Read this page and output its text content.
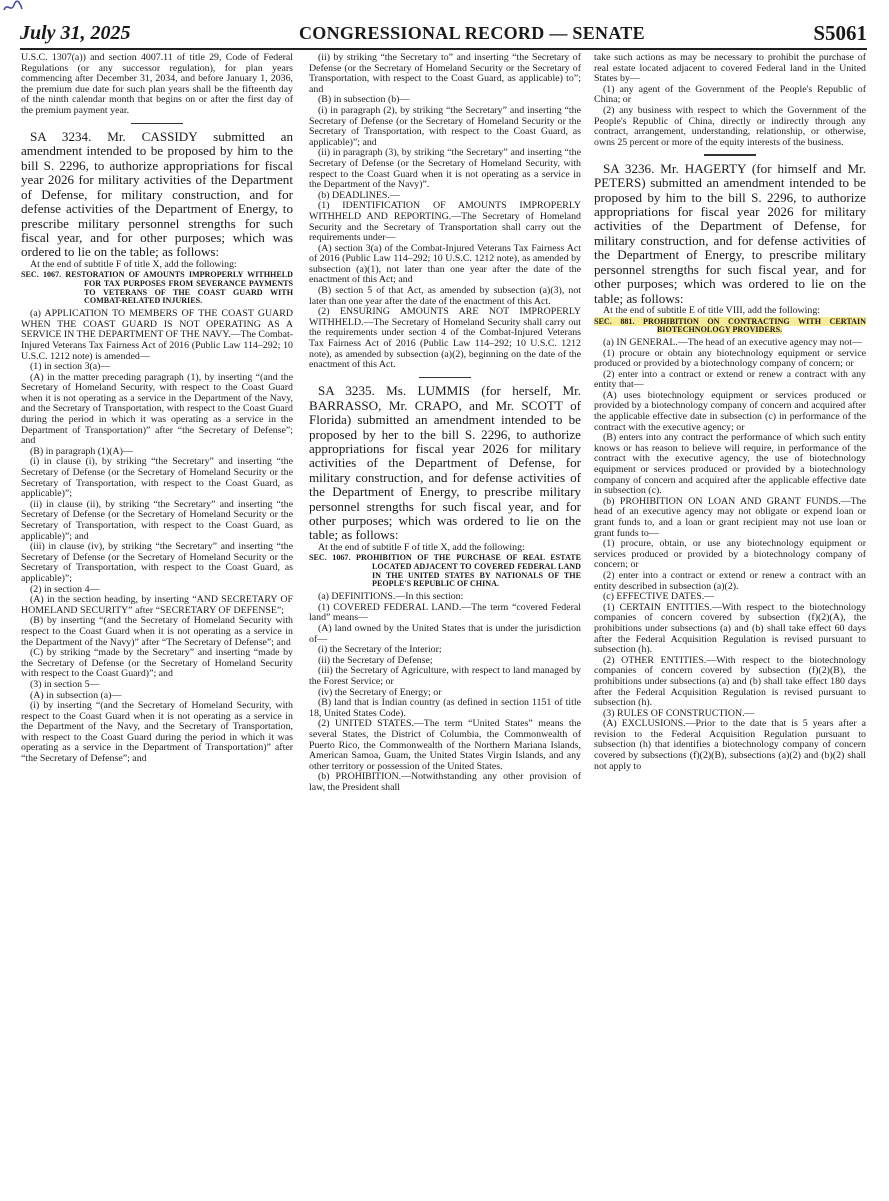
July 31, 2025	CONGRESSIONAL RECORD — SENATE	S5061

U.S.C. 1307(a)) and section 4007.11 of title 29, Code of Federal Regulations (or any successor regulation), for plan years commencing after December 31, 2034, and before January 1, 2036, the premium due date for such plan years shall be the fifteenth day of the ninth calendar month that begins on or after the first day of the premium payment year.

SA 3234. Mr. CASSIDY submitted an amendment intended to be proposed by him to the bill S. 2296, to authorize appropriations for fiscal year 2026 for military activities of the Department of Defense, for military construction, and for defense activities of the Department of Energy, to prescribe military personnel strengths for such fiscal year, and for other purposes; which was ordered to lie on the table; as follows:

At the end of subtitle F of title X, add the following:

SEC. 1067. RESTORATION OF AMOUNTS IMPROPERLY WITHHELD FOR TAX PURPOSES FROM SEVERANCE PAYMENTS TO VETERANS OF THE COAST GUARD WITH COMBAT-RELATED INJURIES.

(a) APPLICATION TO MEMBERS OF THE COAST GUARD WHEN THE COAST GUARD IS NOT OPERATING AS A SERVICE IN THE DEPARTMENT OF THE NAVY.—The Combat-Injured Veterans Tax Fairness Act of 2016 (Public Law 114–292; 10 U.S.C. 1212 note) is amended—

(1) in section 3(a)—

(A) in the matter preceding paragraph (1), by inserting “(and the Secretary of Homeland Security, with respect to the Coast Guard when it is not operating as a service in the Department of the Navy, and the Secretary of Transportation, with respect to the Coast Guard during the period in which it was operating as a service in the Department of Transportation)” after “the Secretary of Defense”; and

(B) in paragraph (1)(A)—

(i) in clause (i), by striking “the Secretary” and inserting “the Secretary of Defense (or the Secretary of Homeland Security or the Secretary of Transportation, with respect to the Coast Guard, as applicable)”;

(ii) in clause (ii), by striking “the Secretary” and inserting “the Secretary of Defense (or the Secretary of Homeland Security or the Secretary of Transportation, with respect to the Coast Guard, as applicable)”; and

(iii) in clause (iv), by striking “the Secretary” and inserting “the Secretary of Defense (or the Secretary of Homeland Security or the Secretary of Transportation, with respect to the Coast Guard, as applicable)”;

(2) in section 4—

(A) in the section heading, by inserting “AND SECRETARY OF HOMELAND SECURITY” after “SECRETARY OF DEFENSE”;

(B) by inserting “(and the Secretary of Homeland Security with respect to the Coast Guard when it is not operating as a service in the Department of the Navy)” after “The Secretary of Defense”; and

(C) by striking “made by the Secretary” and inserting “made by the Secretary of Defense (or the Secretary of Homeland Security with respect to the Coast Guard)”; and

(3) in section 5—

(A) in subsection (a)—

(i) by inserting “(and the Secretary of Homeland Security, with respect to the Coast Guard when it is not operating as a service in the Department of the Navy, and the Secretary of Transportation, with respect to the Coast Guard during the period in which it was operating as a service in the Department of Transportation)” after “the Secretary of Defense”; and

(ii) by striking “the Secretary to” and inserting “the Secretary of Defense (or the Secretary of Homeland Security or the Secretary of Transportation, with respect to the Coast Guard, as applicable) to”; and

(B) in subsection (b)—

(i) in paragraph (2), by striking “the Secretary” and inserting “the Secretary of Defense (or the Secretary of Homeland Security or the Secretary of Transportation, with respect to the Coast Guard, as applicable)”; and

(ii) in paragraph (3), by striking “the Secretary” and inserting “the Secretary of Defense (or the Secretary of Homeland Security, with respect to the Coast Guard when it is not operating as a service in the Department of the Navy)”.

(b) DEADLINES.—

(1) IDENTIFICATION OF AMOUNTS IMPROPERLY WITHHELD AND REPORTING.—The Secretary of Homeland Security and the Secretary of Transportation shall carry out the requirements under—

(A) section 3(a) of the Combat-Injured Veterans Tax Fairness Act of 2016 (Public Law 114–292; 10 U.S.C. 1212 note), as amended by subsection (a)(1), not later than one year after the date of the enactment of this Act; and

(B) section 5 of that Act, as amended by subsection (a)(3), not later than one year after the date of the enactment of this Act.

(2) ENSURING AMOUNTS ARE NOT IMPROPERLY WITHHELD.—The Secretary of Homeland Security shall carry out the requirements under section 4 of the Combat-Injured Veterans Tax Fairness Act of 2016 (Public Law 114–292; 10 U.S.C. 1212 note), as amended by subsection (a)(2), beginning on the date of the enactment of this Act.

SA 3235. Ms. LUMMIS (for herself, Mr. BARRASSO, Mr. CRAPO, and Mr. SCOTT of Florida) submitted an amendment intended to be proposed by her to the bill S. 2296, to authorize appropriations for fiscal year 2026 for military activities of the Department of Defense, for military construction, and for defense activities of the Department of Energy, to prescribe military personnel strengths for such fiscal year, and for other purposes; which was ordered to lie on the table; as follows:

At the end of subtitle F of title X, add the following:

SEC. 1067. PROHIBITION OF THE PURCHASE OF REAL ESTATE LOCATED ADJACENT TO COVERED FEDERAL LAND IN THE UNITED STATES BY NATIONALS OF THE PEOPLE'S REPUBLIC OF CHINA.

(a) DEFINITIONS.—In this section:

(1) COVERED FEDERAL LAND.—The term “covered Federal land” means—

(A) land owned by the United States that is under the jurisdiction of—

(i) the Secretary of the Interior;

(ii) the Secretary of Defense;

(iii) the Secretary of Agriculture, with respect to land managed by the Forest Service; or

(iv) the Secretary of Energy; or

(B) land that is Indian country (as defined in section 1151 of title 18, United States Code).

(2) UNITED STATES.—The term “United States” means the several States, the District of Columbia, the Commonwealth of Puerto Rico, the Commonwealth of the Northern Mariana Islands, American Samoa, Guam, the United States Virgin Islands, and any other territory or possession of the United States.

(b) PROHIBITION.—Notwithstanding any other provision of law, the President shall

take such actions as may be necessary to prohibit the purchase of real estate located adjacent to covered Federal land in the United States by—

(1) any agent of the Government of the People's Republic of China; or

(2) any business with respect to which the Government of the People's Republic of China, directly or indirectly through any contract, arrangement, understanding, relationship, or otherwise, owns 25 percent or more of the equity interests of the business.

SA 3236. Mr. HAGERTY (for himself and Mr. PETERS) submitted an amendment intended to be proposed by him to the bill S. 2296, to authorize appropriations for fiscal year 2026 for military activities of the Department of Defense, for military construction, and for defense activities of the Department of Energy, to prescribe military personnel strengths for such fiscal year, and for other purposes; which was ordered to lie on the table; as follows:

At the end of subtitle E of title VIII, add the following:

SEC. 881. PROHIBITION ON CONTRACTING WITH CERTAIN BIOTECHNOLOGY PROVIDERS.

(a) IN GENERAL.—The head of an executive agency may not—

(1) procure or obtain any biotechnology equipment or service produced or provided by a biotechnology company of concern; or

(2) enter into a contract or extend or renew a contract with any entity that—

(A) uses biotechnology equipment or services produced or provided by a biotechnology company of concern and acquired after the applicable effective date in subsection (c) in performance of the contract with the executive agency; or

(B) enters into any contract the performance of which such entity knows or has reason to believe will require, in performance of the contract with the executive agency, the use of biotechnology equipment or services produced or provided by a biotechnology company of concern and acquired after the applicable effective date in subsection (c).

(b) PROHIBITION ON LOAN AND GRANT FUNDS.—The head of an executive agency may not obligate or expend loan or grant funds to, and a loan or grant recipient may not use loan or grant funds to—

(1) procure, obtain, or use any biotechnology equipment or services produced or provided by a biotechnology company of concern; or

(2) enter into a contract or extend or renew a contract with an entity described in subsection (a)(2).

(c) EFFECTIVE DATES.—

(1) CERTAIN ENTITIES.—With respect to the biotechnology companies of concern covered by subsection (f)(2)(A), the prohibitions under subsections (a) and (b) shall take effect 60 days after the Federal Acquisition Regulation is revised pursuant to subsection (h).

(2) OTHER ENTITIES.—With respect to the biotechnology companies of concern covered by subsection (f)(2)(B), the prohibitions under subsections (a) and (b) shall take effect 180 days after the Federal Acquisition Regulation is revised pursuant to subsection (h).

(3) RULES OF CONSTRUCTION.—

(A) EXCLUSIONS.—Prior to the date that is 5 years after a revision to the Federal Acquisition Regulation pursuant to subsection (h) that identifies a biotechnology company of concern covered by subsections (f)(2)(B), subsections (a)(2) and (b)(2) shall not apply to
